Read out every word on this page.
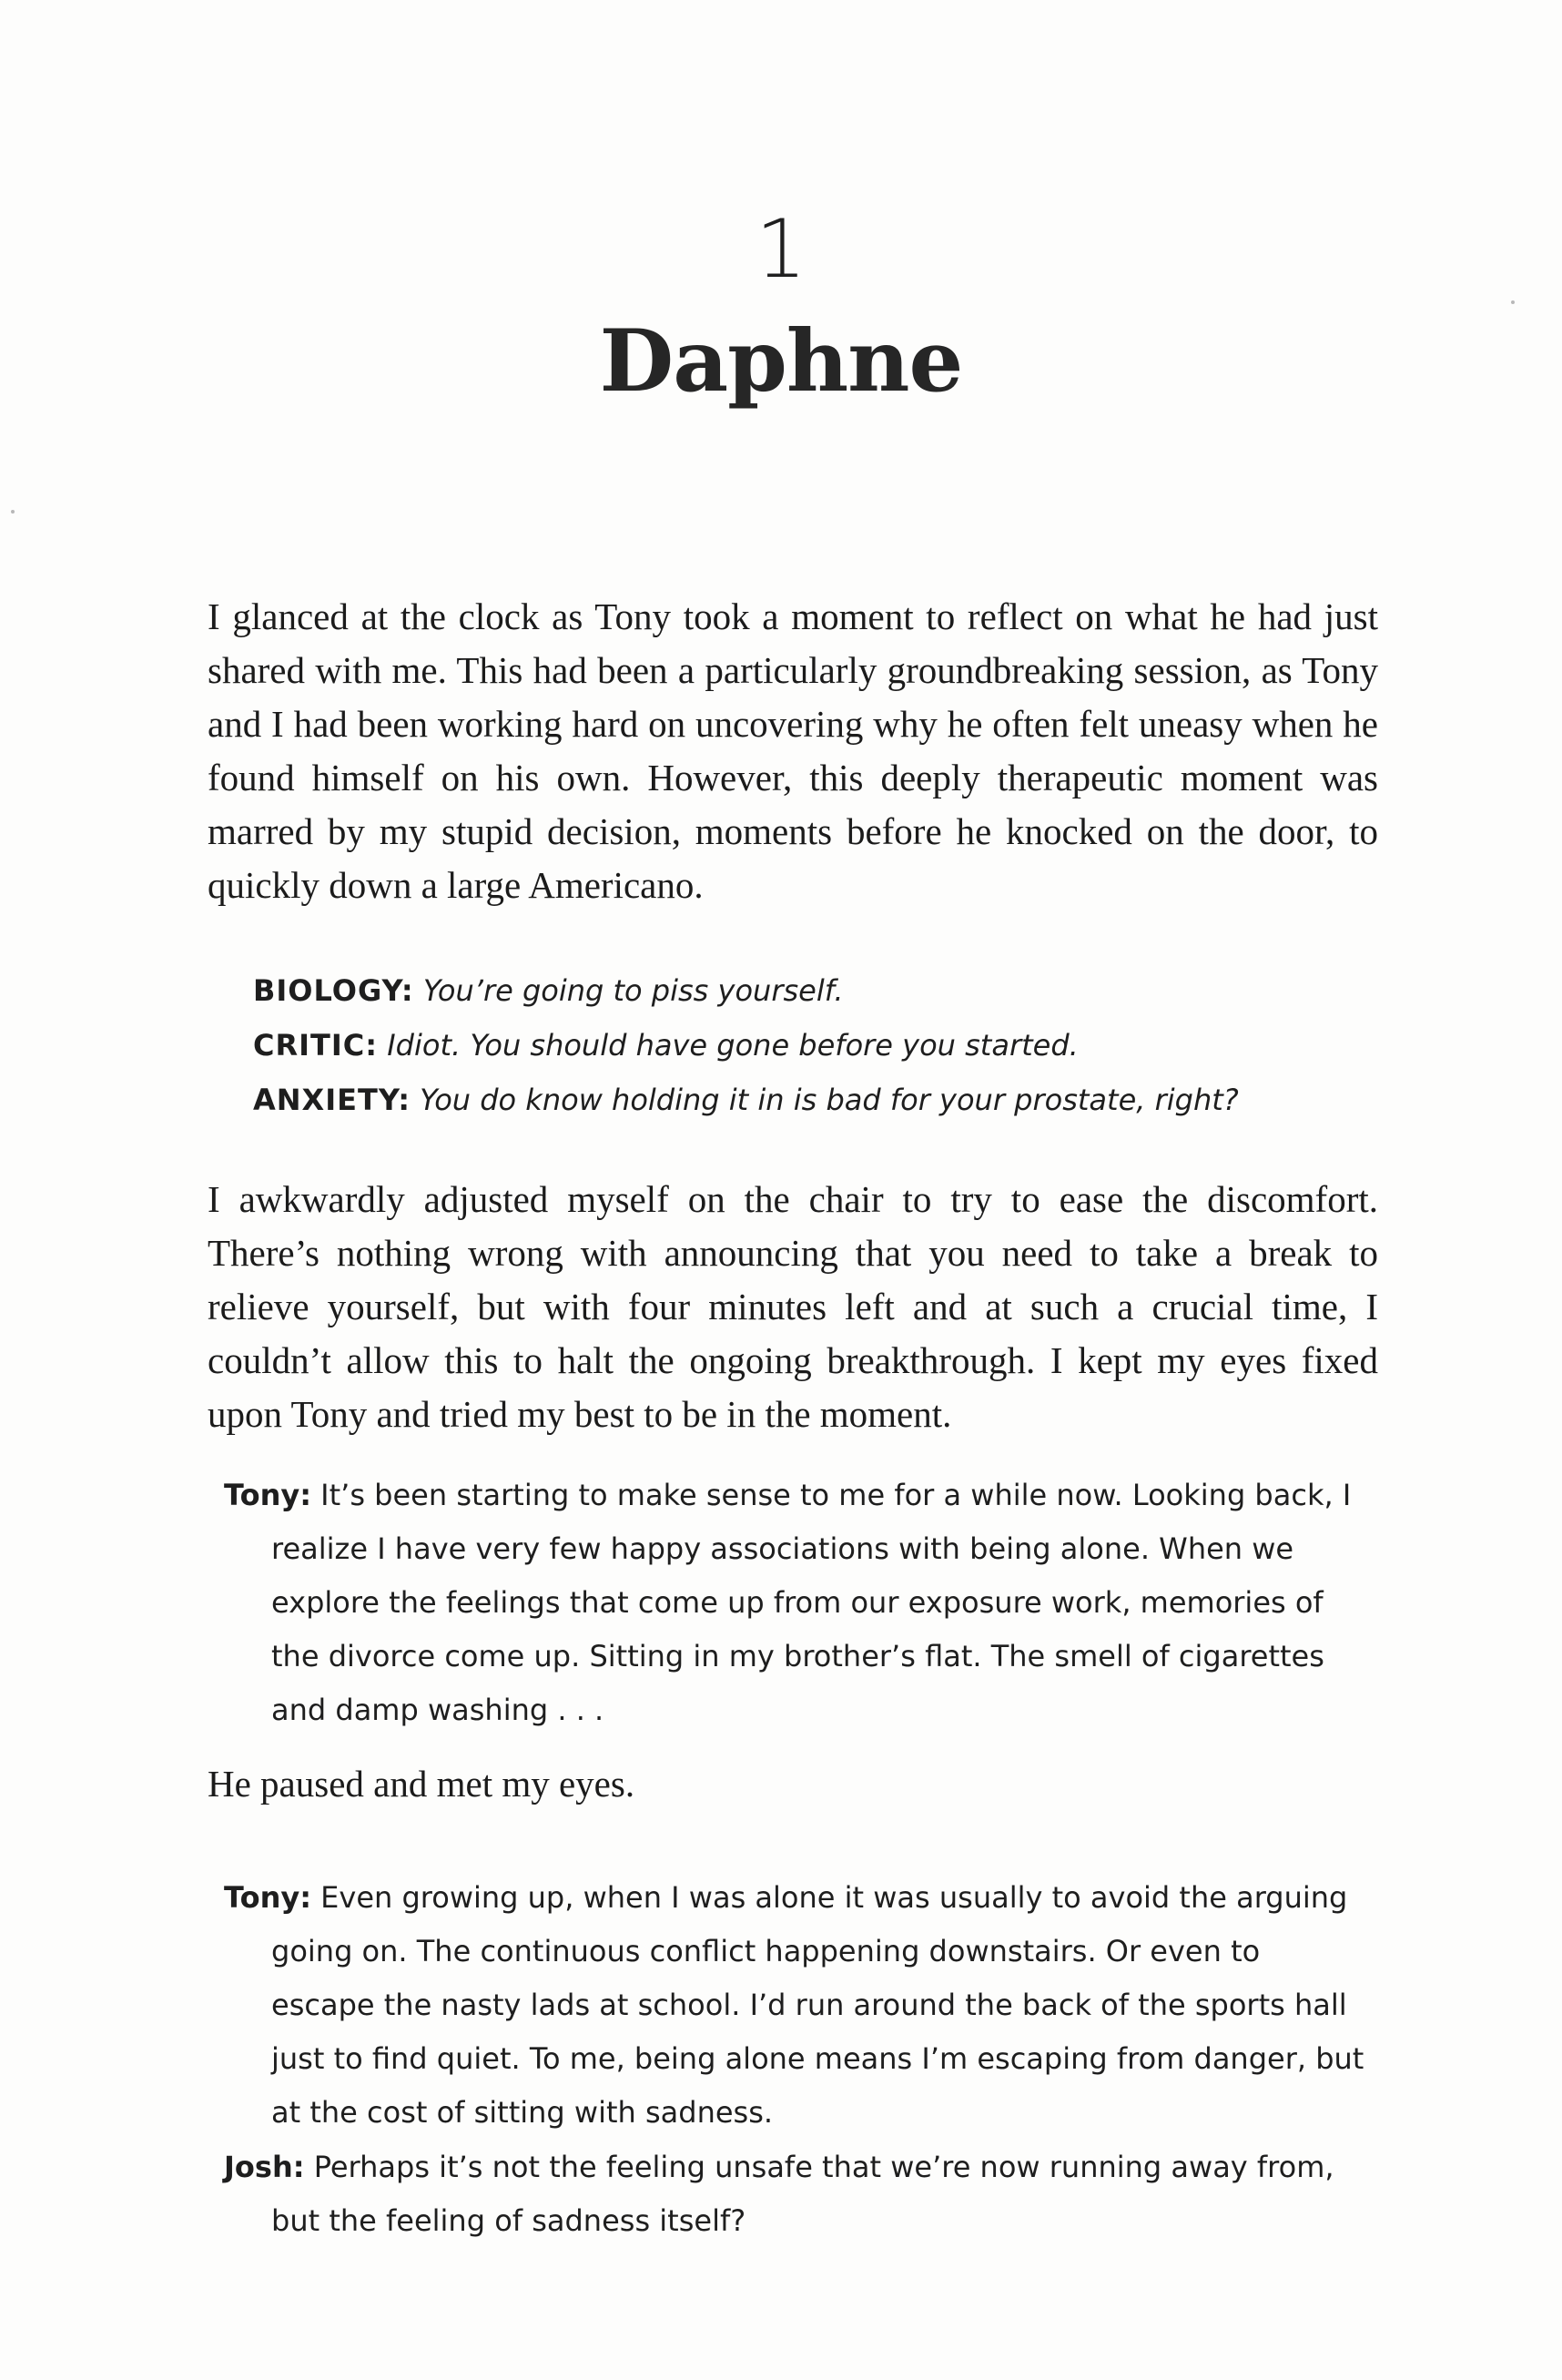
1
Daphne

I glanced at the clock as Tony took a moment to reflect on what he had just shared with me. This had been a particularly groundbreaking session, as Tony and I had been working hard on uncovering why he often felt uneasy when he found himself on his own. However, this deeply therapeutic moment was marred by my stupid decision, moments before he knocked on the door, to quickly down a large Americano.

BIOLOGY: You’re going to piss yourself.
CRITIC: Idiot. You should have gone before you started.
ANXIETY: You do know holding it in is bad for your prostate, right?

I awkwardly adjusted myself on the chair to try to ease the discomfort. There’s nothing wrong with announcing that you need to take a break to relieve yourself, but with four minutes left and at such a crucial time, I couldn’t allow this to halt the ongoing breakthrough. I kept my eyes fixed upon Tony and tried my best to be in the moment.

Tony: It’s been starting to make sense to me for a while now. Looking back, I realize I have very few happy associations with being alone. When we explore the feelings that come up from our exposure work, memories of the divorce come up. Sitting in my brother’s flat. The smell of cigarettes and damp washing . . .

He paused and met my eyes.

Tony: Even growing up, when I was alone it was usually to avoid the arguing going on. The continuous conflict happening downstairs. Or even to escape the nasty lads at school. I’d run around the back of the sports hall just to find quiet. To me, being alone means I’m escaping from danger, but at the cost of sitting with sadness.
Josh: Perhaps it’s not the feeling unsafe that we’re now running away from, but the feeling of sadness itself?
